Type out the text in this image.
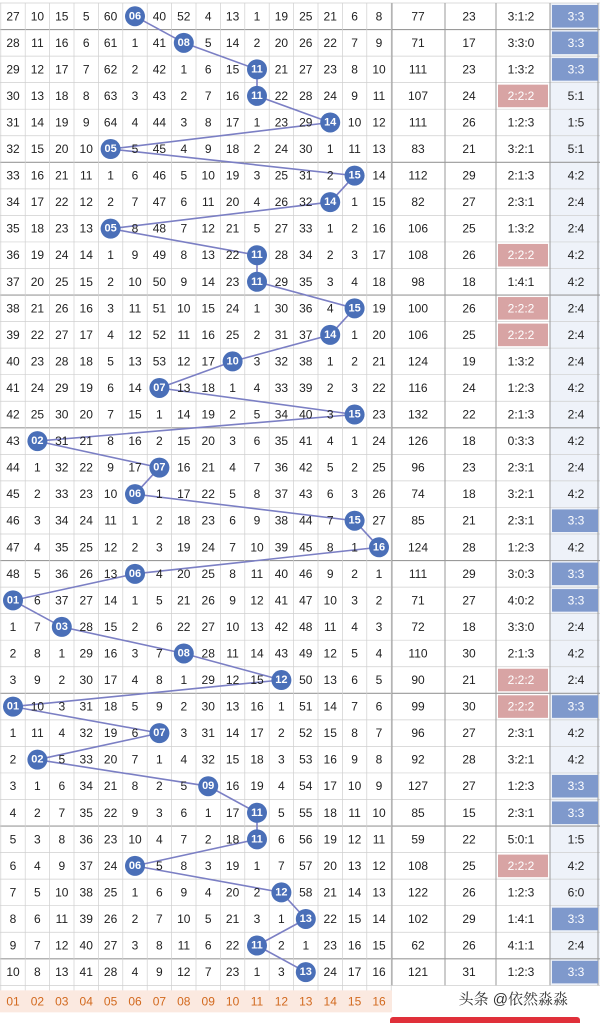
27 10 15 5 60 06 40 52 4 13 1 19 25 21 6 8 77	23	3:1:2	3:3
28 11 16 6 61 1 41 08 5 14 2 20 26 22 7 9 71	17	3:3:0	3:3
29 12 17 7 62 2 42 1 6 15 11 21 27 23 8 10 111	23	1:3:2	3:3
30 13 18 8 63 3 43 2 7 16 11 22 28 24 9 11 107	24	2:2:2	5:1
31 14 19 9 64 4 44 3 8 17 1 23 29 14 10 12 111	26	1:2:3	1:5
32 15 20 10 05 5 45 4 9 18 2 24 30 1 11 13 83	21	3:2:1	5:1
33 16 21 11 1 6 46 5 10 19 3 25 31 2 15 14 112	29	2:1:3	4:2
34 17 22 12 2 7 47 6 11 20 4 26 32 14 1 15 82	27	2:3:1	2:4
35 18 23 13 05 8 48 7 12 21 5 27 33 1 2 16 106	25	1:3:2	2:4
36 19 24 14 1 9 49 8 13 22 11 28 34 2 3 17 108	26	2:2:2	4:2
37 20 25 15 2 10 50 9 14 23 11 29 35 3 4 18 98	18	1:4:1	4:2
38 21 26 16 3 11 51 10 15 24 1 30 36 4 15 19 100	26	2:2:2	2:4
39 22 27 17 4 12 52 11 16 25 2 31 37 14 1 20 106	25	2:2:2	2:4
40 23 28 18 5 13 53 12 17 10 3 32 38 1 2 21 124	19	1:3:2	2:4
41 24 29 19 6 14 07 13 18 1 4 33 39 2 3 22 116	24	1:2:3	4:2
42 25 30 20 7 15 1 14 19 2 5 34 40 3 15 23 132	22	2:1:3	2:4
43 02 31 21 8 16 2 15 20 3 6 35 41 4 1 24 126	18	0:3:3	4:2
44 1 32 22 9 17 07 16 21 4 7 36 42 5 2 25 96	23	2:3:1	2:4
45 2 33 23 10 06 1 17 22 5 8 37 43 6 3 26 74	18	3:2:1	4:2
46 3 34 24 11 1 2 18 23 6 9 38 44 7 15 27 85	21	2:3:1	3:3
47 4 35 25 12 2 3 19 24 7 10 39 45 8 1 16 124	28	1:2:3	4:2
48 5 36 26 13 06 4 20 25 8 11 40 46 9 2 1 111	29	3:0:3	3:3
01 6 37 27 14 1 5 21 26 9 12 41 47 10 3 2 71	27	4:0:2	3:3
1 7 03 28 15 2 6 22 27 10 13 42 48 11 4 3 72	18	3:3:0	2:4
2 8 1 29 16 3 7 08 28 11 14 43 49 12 5 4 110	30	2:1:3	4:2
3 9 2 30 17 4 8 1 29 12 15 12 50 13 6 5 90	21	2:2:2	2:4
01 10 3 31 18 5 9 2 30 13 16 1 51 14 7 6 99	30	2:2:2	3:3
1 11 4 32 19 6 07 3 31 14 17 2 52 15 8 7 96	27	2:3:1	4:2
2 02 5 33 20 7 1 4 32 15 18 3 53 16 9 8 92	28	3:2:1	4:2
3 1 6 34 21 8 2 5 09 16 19 4 54 17 10 9 127	27	1:2:3	3:3
4 2 7 35 22 9 3 6 1 17 11 5 55 18 11 10 85	15	2:3:1	3:3
5 3 8 36 23 10 4 7 2 18 11 6 56 19 12 11 59	22	5:0:1	1:5
6 4 9 37 24 06 5 8 3 19 1 7 57 20 13 12 108	25	2:2:2	4:2
7 5 10 38 25 1 6 9 4 20 2 12 58 21 14 13 122	26	1:2:3	6:0
8 6 11 39 26 2 7 10 5 21 3 1 13 22 15 14 102	29	1:4:1	3:3
9 7 12 40 27 3 8 11 6 22 11 2 1 23 16 15 62	26	4:1:1	2:4
10 8 13 41 28 4 9 12 7 23 1 3 13 24 17 16 121	31	1:2:3	3:3
01 02 03 04 05 06 07 08 09 10 11 12 13 14 15 16	头条 @依然淼淼
